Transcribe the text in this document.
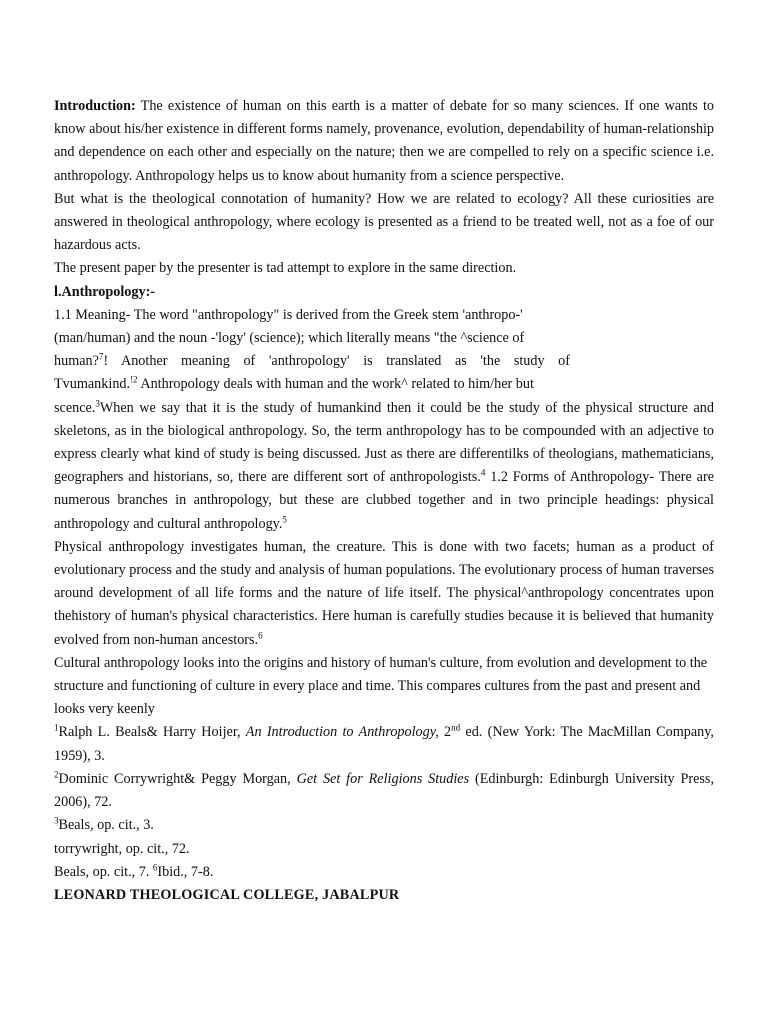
Introduction: The existence of human on this earth is a matter of debate for so many sciences. If one wants to know about his/her existence in different forms namely, provenance, evolution, dependability of human-relationship and dependence on each other and especially on the nature; then we are compelled to rely on a specific science i.e. anthropology. Anthropology helps us to know about humanity from a science perspective.

But what is the theological connotation of humanity? How we are related to ecology? All these curiosities are answered in theological anthropology, where ecology is presented as a friend to be treated well, not as a foe of our hazardous acts.

The present paper by the presenter is tad attempt to explore in the same direction.

l.Anthropology:-

1.1 Meaning- The word "anthropology" is derived from the Greek stem 'anthropo-'

(man/human) and the noun -'logy' (science); which literally means "the ^science of

human?$^7$! Another meaning of 'anthropology' is translated as 'the study of

Tvumankind.$^{!2}$ Anthropology deals with human and the work^ related to him/her but

scence.$^3$When we say that it is the study of humankind then it could be the study of the physical structure and skeletons, as in the biological anthropology. So, the term anthropology has to be compounded with an adjective to express clearly what kind of study is being discussed. Just as there are differentilks of theologians, mathematicians, geographers and historians, so, there are different sort of anthropologists.$^4$ 1.2 Forms of Anthropology- There are numerous branches in anthropology, but these are clubbed together and in two principle headings: physical anthropology and cultural anthropology.$^5$

Physical anthropology investigates human, the creature. This is done with two facets; human as a product of evolutionary process and the study and analysis of human populations. The evolutionary process of human traverses around development of all life forms and the nature of life itself. The physical^anthropology concentrates upon thehistory of human's physical characteristics. Here human is carefully studies because it is believed that humanity evolved from non-human ancestors.$^6$

Cultural anthropology looks into the origins and history of human's culture, from evolution and development to the structure and functioning of culture in every place and time. This compares cultures from the past and present and looks very keenly

$^1$Ralph L. Beals& Harry Hoijer, An Introduction to Anthropology, 2nd ed. (New York: The MacMillan Company, 1959), 3.

$^2$Dominic Corrywright& Peggy Morgan, Get Set for Religions Studies (Edinburgh: Edinburgh University Press, 2006), 72.

$^3$Beals, op. cit., 3.

torrywright, op. cit., 72.

Beals, op. cit., 7. $^6$Ibid., 7-8.

LEONARD THEOLOGICAL COLLEGE, JABALPUR
